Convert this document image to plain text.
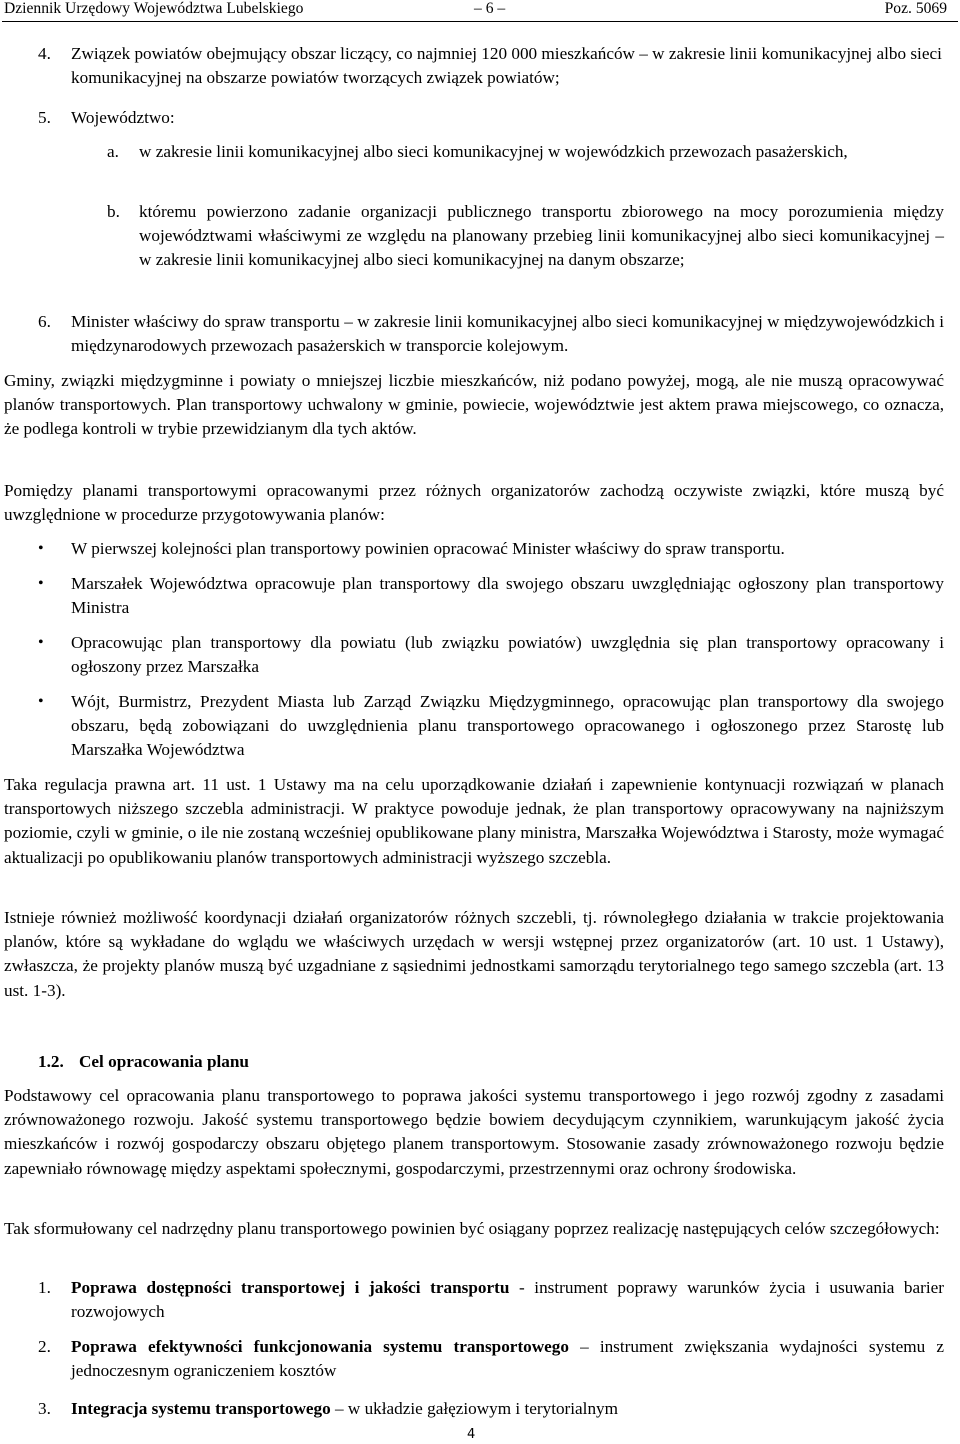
Dziennik Urzędowy Województwa Lubelskiego	– 6 –	Poz. 5069
4. Związek powiatów obejmujący obszar liczący, co najmniej 120 000 mieszkańców – w zakresie linii komunikacyjnej albo sieci komunikacyjnej na obszarze powiatów tworzących związek powiatów;
5. Województwo:
a. w zakresie linii komunikacyjnej albo sieci komunikacyjnej w wojewódzkich przewozach pasażerskich,
b. któremu powierzono zadanie organizacji publicznego transportu zbiorowego na mocy porozumienia między województwami właściwymi ze względu na planowany przebieg linii komunikacyjnej albo sieci komunikacyjnej – w zakresie linii komunikacyjnej albo sieci komunikacyjnej na danym obszarze;
6. Minister właściwy do spraw transportu – w zakresie linii komunikacyjnej albo sieci komunikacyjnej w międzywojewódzkich i międzynarodowych przewozach pasażerskich w transporcie kolejowym.
Gminy, związki międzygminne i powiaty o mniejszej liczbie mieszkańców, niż podano powyżej, mogą, ale nie muszą opracowywać planów transportowych. Plan transportowy uchwalony w gminie, powiecie, województwie jest aktem prawa miejscowego, co oznacza, że podlega kontroli w trybie przewidzianym dla tych aktów.
Pomiędzy planami transportowymi opracowanymi przez różnych organizatorów zachodzą oczywiste związki, które muszą być uwzględnione w procedurze przygotowywania planów:
• W pierwszej kolejności plan transportowy powinien opracować Minister właściwy do spraw transportu.
• Marszałek Województwa opracowuje plan transportowy dla swojego obszaru uwzględniając ogłoszony plan transportowy Ministra
• Opracowując plan transportowy dla powiatu (lub związku powiatów) uwzględnia się plan transportowy opracowany i ogłoszony przez Marszałka
• Wójt, Burmistrz, Prezydent Miasta lub Zarząd Związku Międzygminnego, opracowując plan transportowy dla swojego obszaru, będą zobowiązani do uwzględnienia planu transportowego opracowanego i ogłoszonego przez Starostę lub Marszałka Województwa
Taka regulacja prawna art. 11 ust. 1 Ustawy ma na celu uporządkowanie działań i zapewnienie kontynuacji rozwiązań w planach transportowych niższego szczebla administracji. W praktyce powoduje jednak, że plan transportowy opracowywany na najniższym poziomie, czyli w gminie, o ile nie zostaną wcześniej opublikowane plany ministra, Marszałka Województwa i Starosty, może wymagać aktualizacji po opublikowaniu planów transportowych administracji wyższego szczebla.
Istnieje również możliwość koordynacji działań organizatorów różnych szczebli, tj. równoległego działania w trakcie projektowania planów, które są wykładane do wglądu we właściwych urzędach w wersji wstępnej przez organizatorów (art. 10 ust. 1 Ustawy), zwłaszcza, że projekty planów muszą być uzgadniane z sąsiednimi jednostkami samorządu terytorialnego tego samego szczebla (art. 13 ust. 1-3).
1.2. Cel opracowania planu
Podstawowy cel opracowania planu transportowego to poprawa jakości systemu transportowego i jego rozwój zgodny z zasadami zrównoważonego rozwoju. Jakość systemu transportowego będzie bowiem decydującym czynnikiem, warunkującym jakość życia mieszkańców i rozwój gospodarczy obszaru objętego planem transportowym. Stosowanie zasady zrównoważonego rozwoju będzie zapewniało równowagę między aspektami społecznymi, gospodarczymi, przestrzennymi oraz ochrony środowiska.
Tak sformułowany cel nadrzędny planu transportowego powinien być osiągany poprzez realizację następujących celów szczegółowych:
1. Poprawa dostępności transportowej i jakości transportu - instrument poprawy warunków życia i usuwania barier rozwojowych
2. Poprawa efektywności funkcjonowania systemu transportowego – instrument zwiększania wydajności systemu z jednoczesnym ograniczeniem kosztów
3. Integracja systemu transportowego – w układzie gałęziowym i terytorialnym
4
